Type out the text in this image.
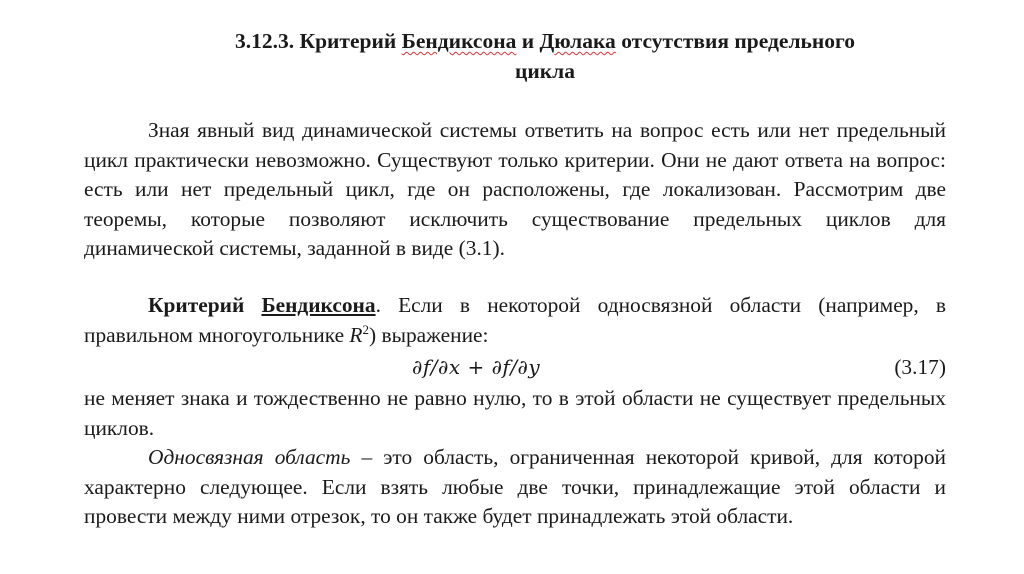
3.12.3. Критерий Бендиксона и Дюлака отсутствия предельного
цикла

Зная явный вид динамической системы ответить на вопрос есть или нет предельный цикл практически невозможно. Существуют только критерии. Они не дают ответа на вопрос: есть или нет предельный цикл, где он расположены, где локализован. Рассмотрим две теоремы, которые позволяют исключить существование предельных циклов для динамической системы, заданной в виде (3.1).

Критерий Бендиксона. Если в некоторой односвязной области (например, в правильном многоугольнике $R^2$) выражение:

∂f/∂x + ∂f/∂y	(3.17)

не меняет знака и тождественно не равно нулю, то в этой области не существует предельных циклов.

Односвязная область – это область, ограниченная некоторой кривой, для которой характерно следующее. Если взять любые две точки, принадлежащие этой области и провести между ними отрезок, то он также будет принадлежать этой области.
